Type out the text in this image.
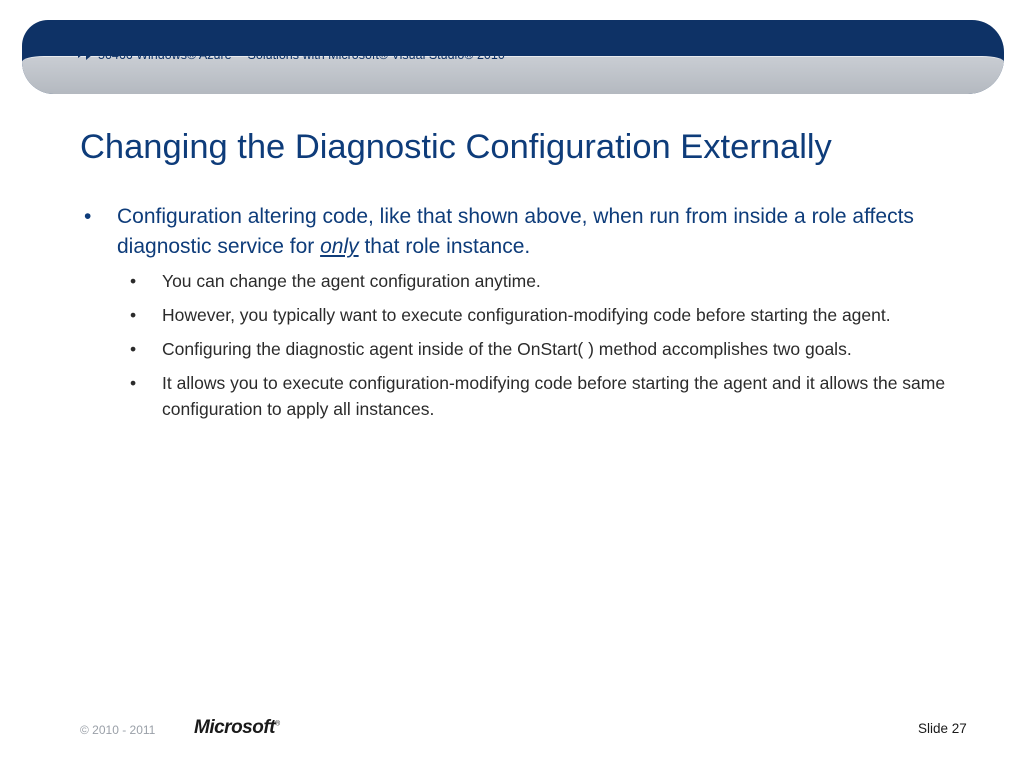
50466 Windows® Azure™ Solutions with Microsoft® Visual Studio® 2010
Changing the Diagnostic Configuration Externally
• Configuration altering code, like that shown above, when run from inside a role affects diagnostic service for only that role instance.
• You can change the agent configuration anytime.
• However, you typically want to execute configuration-modifying code before starting the agent.
• Configuring the diagnostic agent inside of the OnStart( ) method accomplishes two goals.
• It allows you to execute configuration-modifying code before starting the agent and it allows the same configuration to apply all instances.
© 2010 - 2011 Microsoft®	Slide 27
